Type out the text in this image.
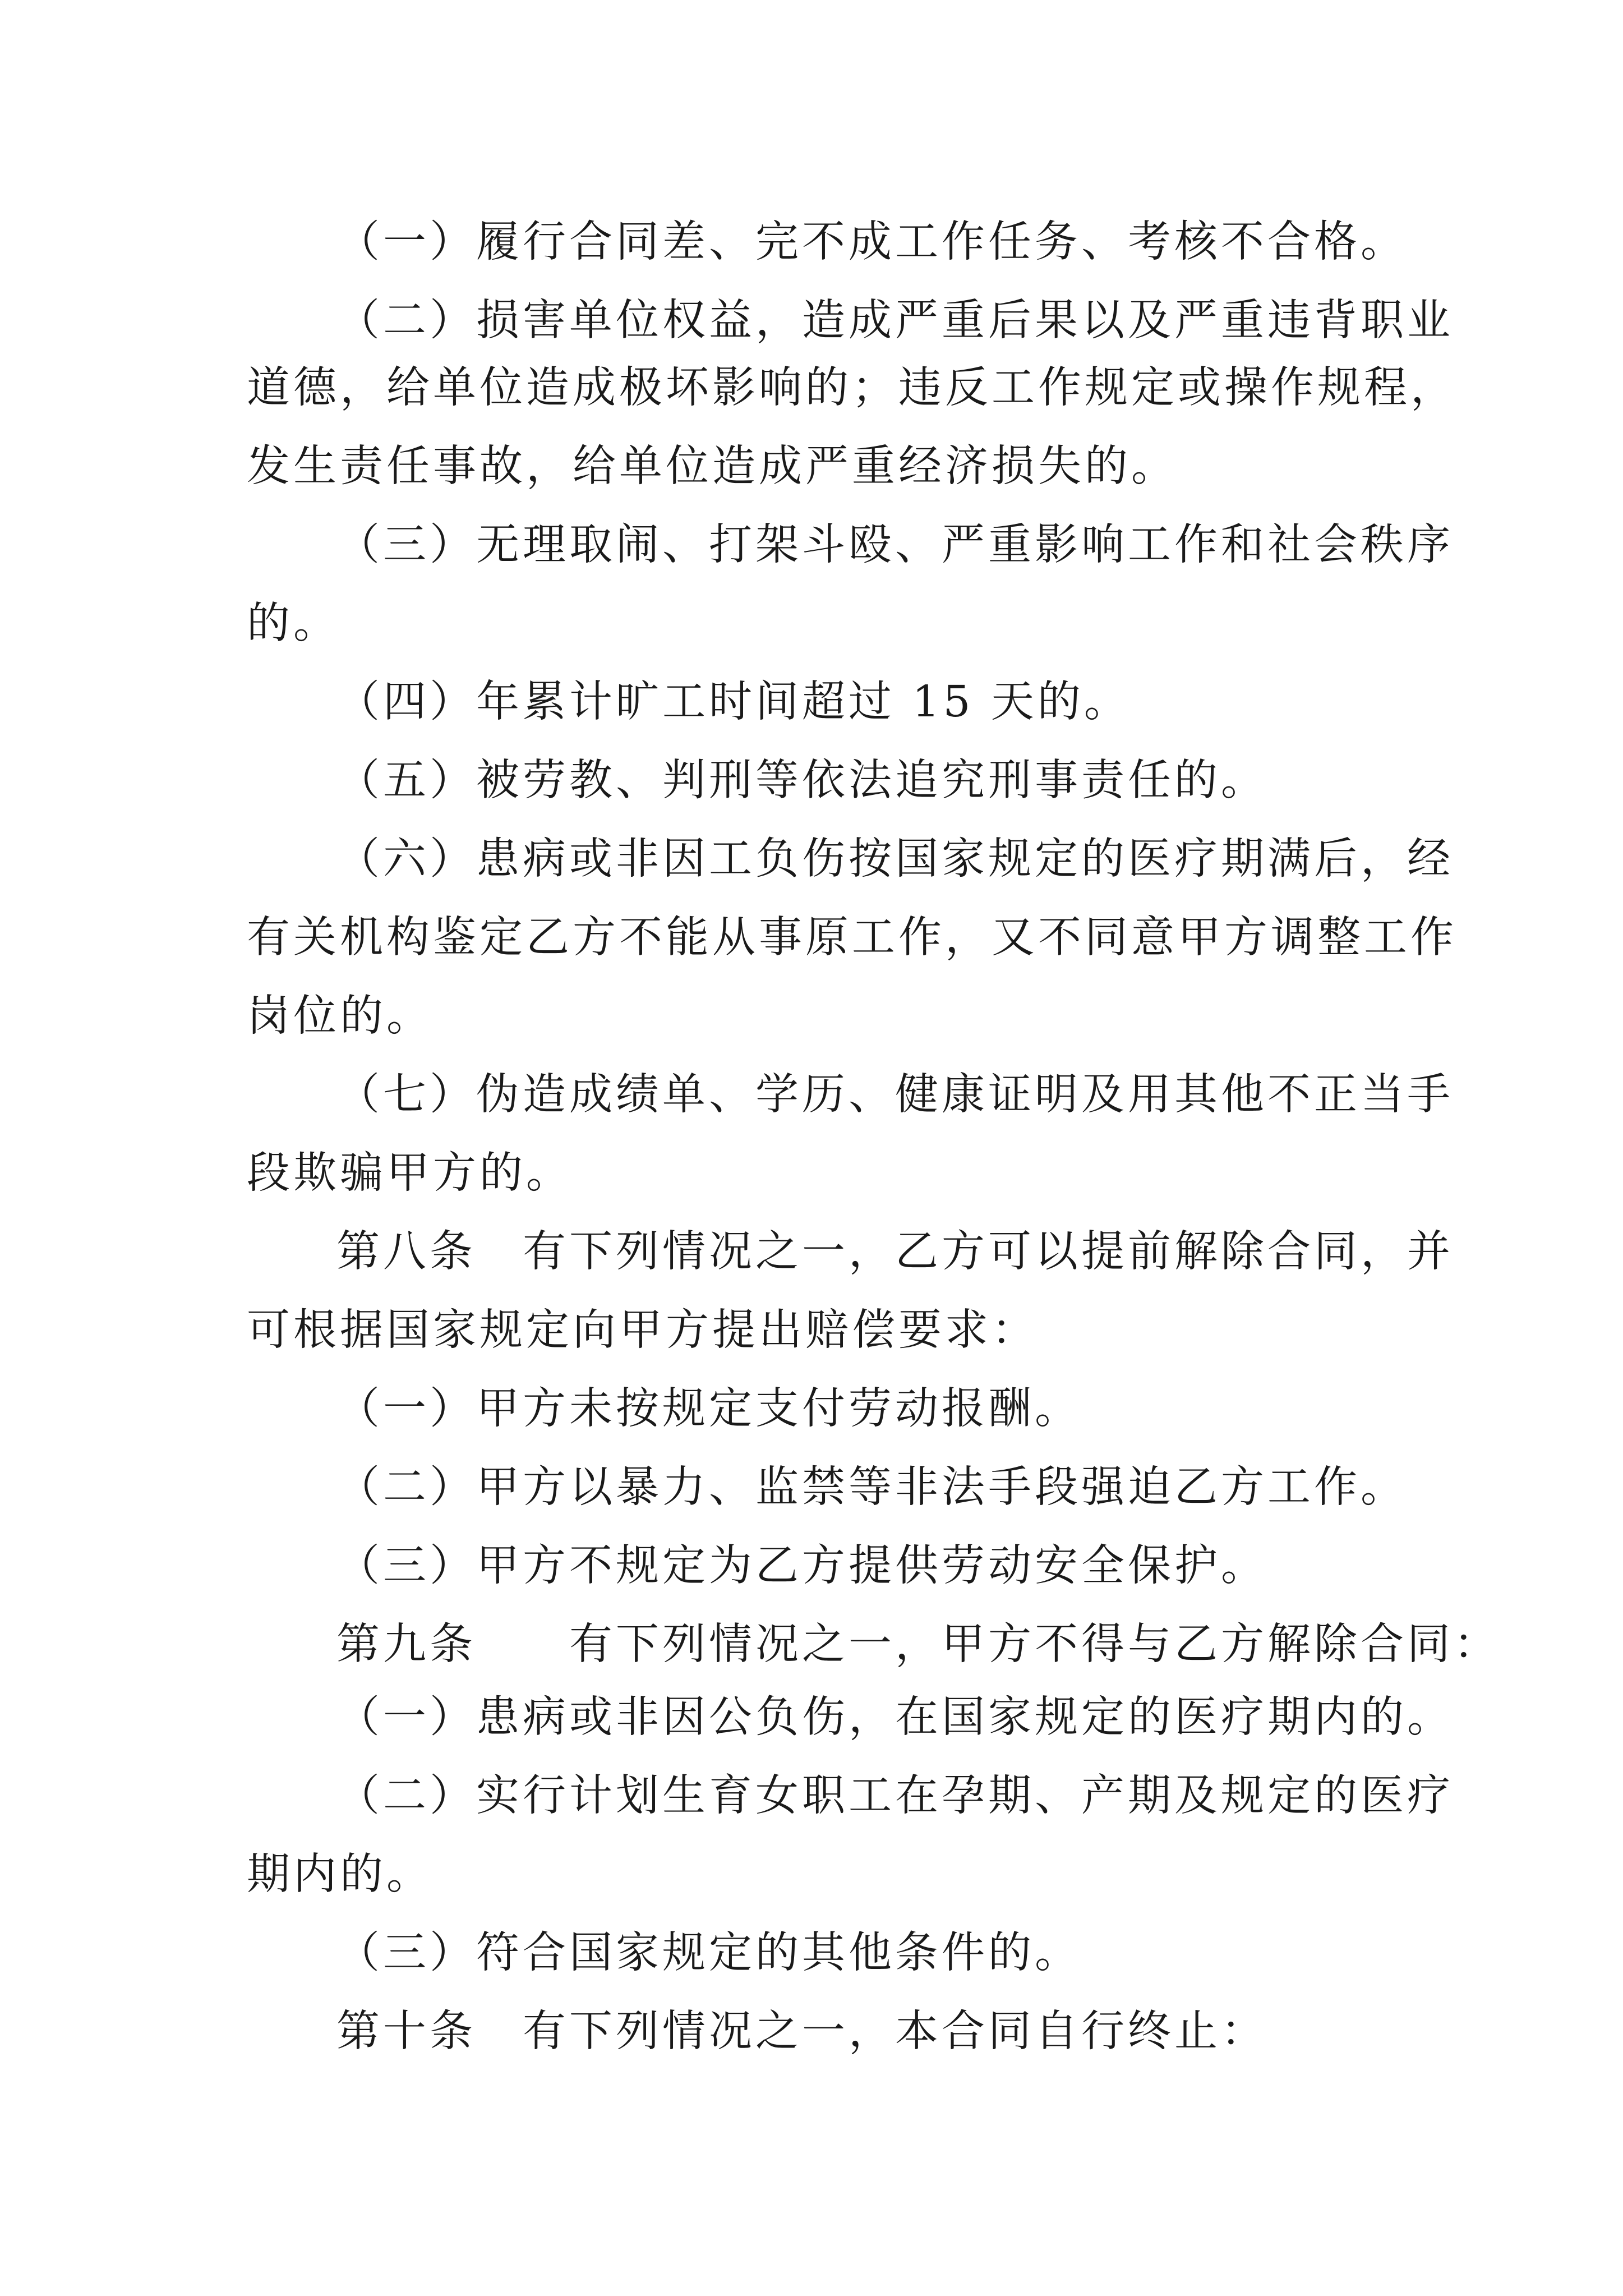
（一）履行合同差、完不成工作任务、考核不合格。
（二）损害单位权益，造成严重后果以及严重违背职业
道德，给单位造成极坏影响的；违反工作规定或操作规程，
发生责任事故，给单位造成严重经济损失的。
（三）无理取闹、打架斗殴、严重影响工作和社会秩序
的。
（四）年累计旷工时间超过 15 天的。
（五）被劳教、判刑等依法追究刑事责任的。
（六）患病或非因工负伤按国家规定的医疗期满后，经
有关机构鉴定乙方不能从事原工作，又不同意甲方调整工作
岗位的。
（七）伪造成绩单、学历、健康证明及用其他不正当手
段欺骗甲方的。
第八条　有下列情况之一，乙方可以提前解除合同，并
可根据国家规定向甲方提出赔偿要求：
（一）甲方未按规定支付劳动报酬。
（二）甲方以暴力、监禁等非法手段强迫乙方工作。
（三）甲方不规定为乙方提供劳动安全保护。
第九条　　有下列情况之一，甲方不得与乙方解除合同：
（一）患病或非因公负伤，在国家规定的医疗期内的。
（二）实行计划生育女职工在孕期、产期及规定的医疗
期内的。
（三）符合国家规定的其他条件的。
第十条　有下列情况之一，本合同自行终止：
